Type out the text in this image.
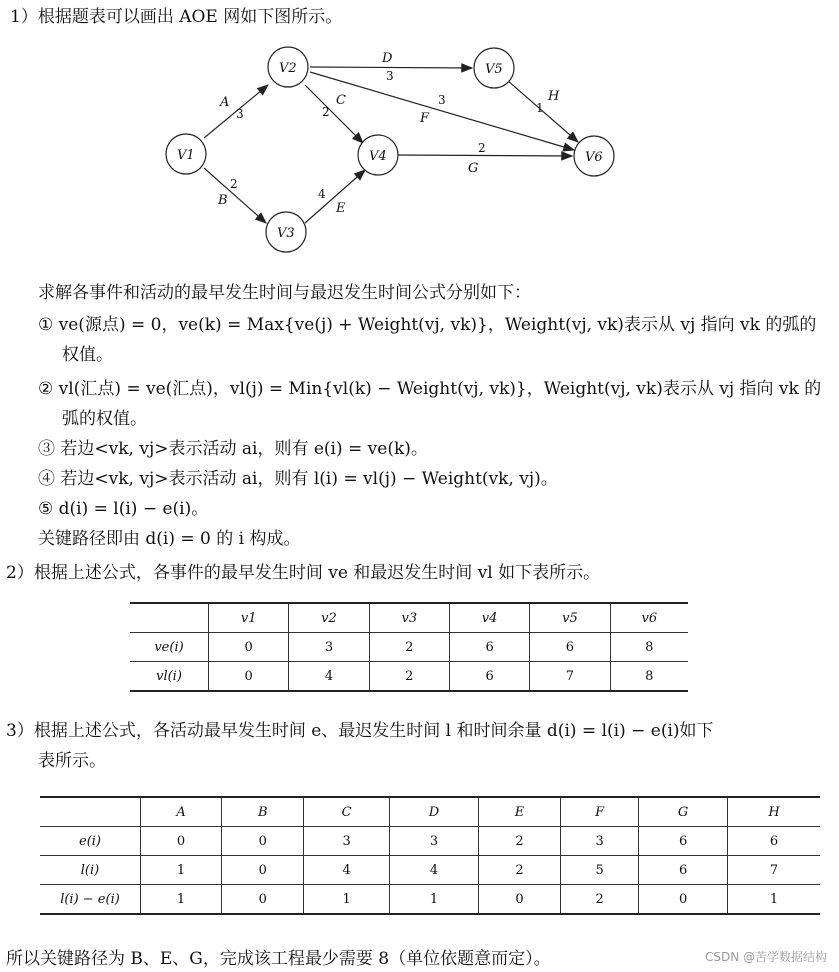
1）根据题表可以画出 AOE 网如下图所示。
A
3
2
B
C
2
D
3
4
E
3
F
2
G
H
1
V1
V2
V3
V4
V5
V6
求解各事件和活动的最早发生时间与最迟发生时间公式分别如下：
① ve(源点) = 0，ve(k) = Max{ve(j) + Weight(vj, vk)}，Weight(vj, vk)表示从 vj 指向 vk 的弧的
权值。
② vl(汇点) = ve(汇点)，vl(j) = Min{vl(k) − Weight(vj, vk)}，Weight(vj, vk)表示从 vj 指向 vk 的
弧的权值。
③ 若边<vk, vj>表示活动 ai，则有 e(i) = ve(k)。
④ 若边<vk, vj>表示活动 ai，则有 l(i) = vl(j) − Weight(vk, vj)。
⑤ d(i) = l(i) − e(i)。
关键路径即由 d(i) = 0 的 i 构成。
2）根据上述公式，各事件的最早发生时间 ve 和最迟发生时间 vl 如下表所示。
	v1	v2	v3	v4	v5	v6
ve(i)	0	3	2	6	6	8
vl(i)	0	4	2	6	7	8
3）根据上述公式，各活动最早发生时间 e、最迟发生时间 l 和时间余量 d(i) = l(i) − e(i)如下
表所示。
	A	B	C	D	E	F	G	H
e(i)	0	0	3	3	2	3	6	6
l(i)	1	0	4	4	2	5	6	7
l(i) − e(i)	1	0	1	1	0	2	0	1
所以关键路径为 B、E、G，完成该工程最少需要 8（单位依题意而定）。	CSDN @苦学数据结构
